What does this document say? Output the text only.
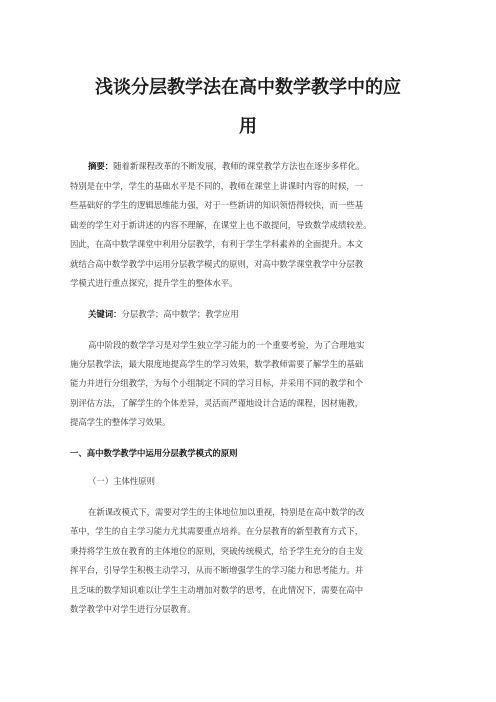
浅谈分层教学法在高中数学教学中的应
用
摘要：随着新课程改革的不断发展，教师的课堂教学方法也在逐步多样化。
特别是在中学，学生的基础水平是不同的，教师在课堂上讲课时内容的时候，一
些基础好的学生的逻辑思维能力强，对于一些新讲的知识领悟得较快，而一些基
础差的学生对于新讲述的内容不理解，在课堂上也不敢提问，导致数学成绩较差。
因此，在高中数学课堂中利用分层教学，有利于学生学科素养的全面提升。本文
就结合高中数学教学中运用分层教学模式的原则，对高中数学课堂教学中分层教
学模式进行重点探究，提升学生的整体水平。
关键词：分层教学；高中数学；教学应用
高中阶段的数学学习是对学生独立学习能力的一个重要考验，为了合理地实
施分层教学法，最大限度地提高学生的学习效果，数学教师需要了解学生的基础
能力并进行分组教学，为每个小组制定不同的学习目标，并采用不同的教学和个
别评估方法，了解学生的个体差异，灵活而严谨地设计合适的课程，因材施教，
提高学生的整体学习效果。
一、高中数学教学中运用分层教学模式的原则
（一）主体性原则
在新课改模式下，需要对学生的主体地位加以重视，特别是在高中数学的改
革中，学生的自主学习能力尤其需要重点培养。在分层教育的新型教育方式下，
秉持将学生放在教育的主体地位的原则，突破传统模式，给予学生充分的自主发
挥平台，引导学生积极主动学习，从而不断增强学生的学习能力和思考能力。并
且乏味的数学知识难以让学生主动增加对数学的思考，在此情况下，需要在高中
数学教学中对学生进行分层教育。
